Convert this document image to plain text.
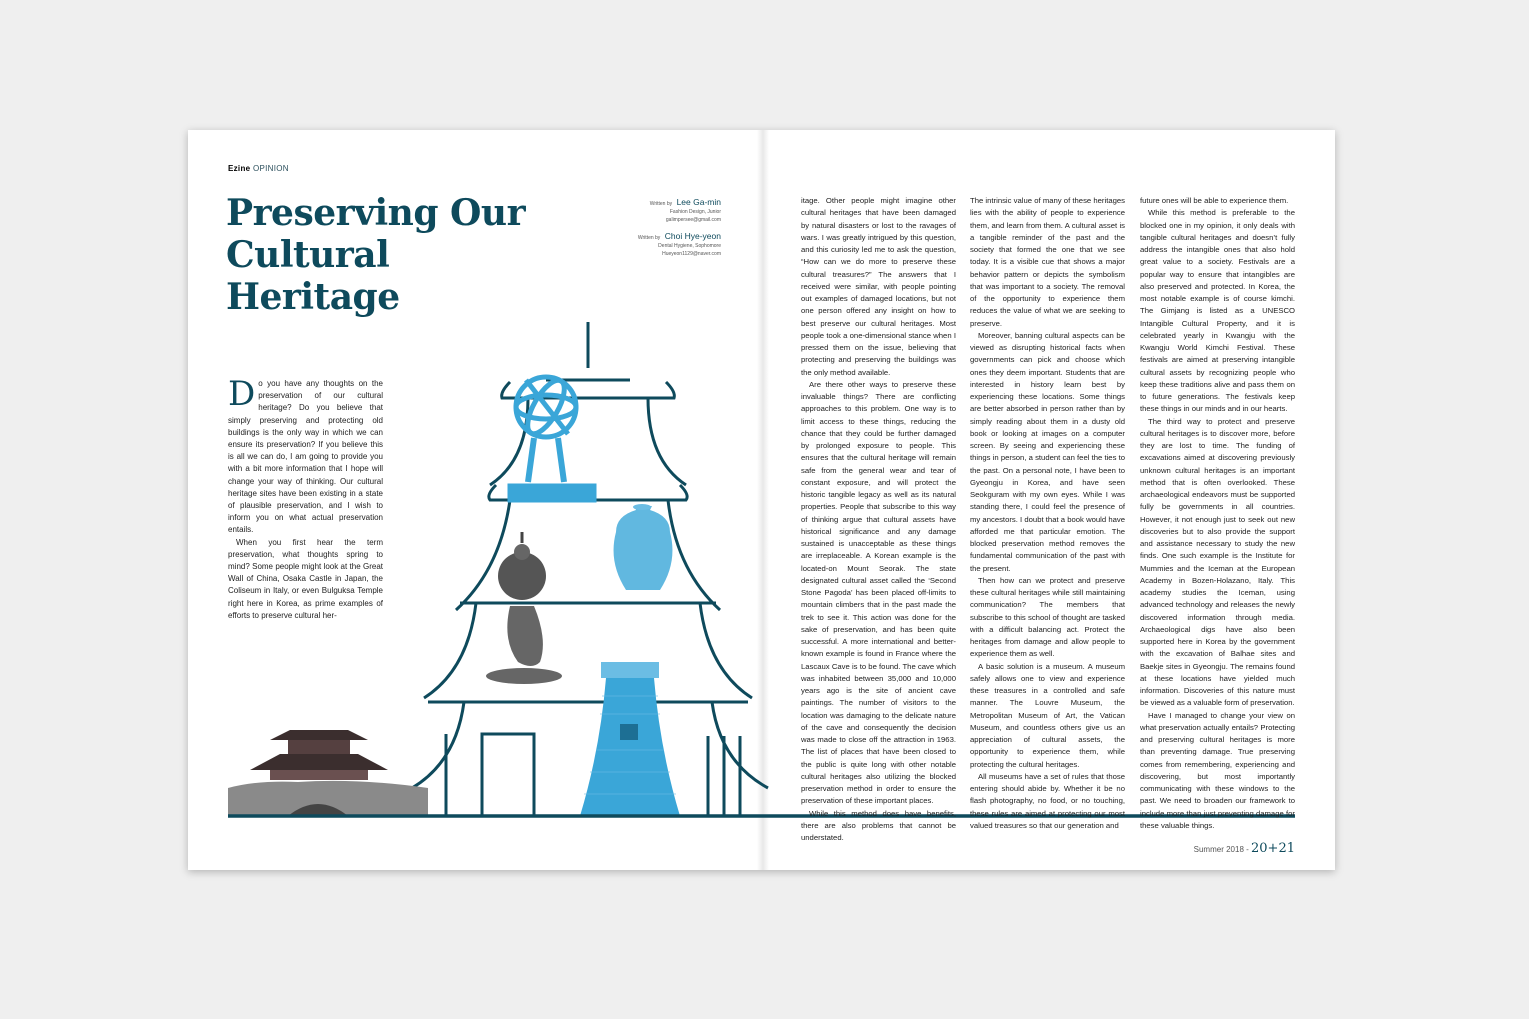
Ezine OPINION
Preserving Our
Cultural Heritage
Written by Lee Ga-min
Fashion Design, Junior
galimpersee@gmail.com
Written by Choi Hye-yeon
Dental Hygiene, Sophomore
Hueyeon1129@naver.com

Do you have any thoughts on the preservation of our cultural heritage? Do you believe that simply preserving and protecting old buildings is the only way in which we can ensure its preservation? If you believe this is all we can do, I am going to provide you with a bit more information that I hope will change your way of thinking. Our cultural heritage sites have been existing in a state of plausible preservation, and I wish to inform you on what actual preservation entails.

When you first hear the term preservation, what thoughts spring to mind? Some people might look at the Great Wall of China, Osaka Castle in Japan, the Coliseum in Italy, or even Bulguksa Temple right here in Korea, as prime examples of efforts to preserve cultural her-

itage. Other people might imagine other cultural heritages that have been damaged by natural disasters or lost to the ravages of wars. I was greatly intrigued by this question, and this curiosity led me to ask the question, “How can we do more to preserve these cultural treasures?” The answers that I received were similar, with people pointing out examples of damaged locations, but not one person offered any insight on how to best preserve our cultural heritages. Most people took a one-dimensional stance when I pressed them on the issue, believing that protecting and preserving the buildings was the only method available.

Are there other ways to preserve these invaluable things? There are conflicting approaches to this problem. One way is to limit access to these things, reducing the chance that they could be further damaged by prolonged exposure to people. This ensures that the cultural heritage will remain safe from the general wear and tear of constant exposure, and will protect the historic tangible legacy as well as its natural properties. People that subscribe to this way of thinking argue that cultural assets have historical significance and any damage sustained is unacceptable as these things are irreplaceable. A Korean example is the located-on Mount Seorak. The state designated cultural asset called the ‘Second Stone Pagoda’ has been placed off-limits to mountain climbers that in the past made the trek to see it. This action was done for the sake of preservation, and has been quite successful. A more international and better-known example is found in France where the Lascaux Cave is to be found. The cave which was inhabited between 35,000 and 10,000 years ago is the site of ancient cave paintings. The number of visitors to the location was damaging to the delicate nature of the cave and consequently the decision was made to close off the attraction in 1963. The list of places that have been closed to the public is quite long with other notable cultural heritages also utilizing the blocked preservation method in order to ensure the preservation of these important places.

While this method does have benefits, there are also problems that cannot be understated.

The intrinsic value of many of these heritages lies with the ability of people to experience them, and learn from them. A cultural asset is a tangible reminder of the past and the society that formed the one that we see today. It is a visible cue that shows a major behavior pattern or depicts the symbolism that was important to a society. The removal of the opportunity to experience them reduces the value of what we are seeking to preserve.

Moreover, banning cultural aspects can be viewed as disrupting historical facts when governments can pick and choose which ones they deem important. Students that are interested in history learn best by experiencing these locations. Some things are better absorbed in person rather than by simply reading about them in a dusty old book or looking at images on a computer screen. By seeing and experiencing these things in person, a student can feel the ties to the past. On a personal note, I have been to Gyeongju in Korea, and have seen Seokguram with my own eyes. While I was standing there, I could feel the presence of my ancestors. I doubt that a book would have afforded me that particular emotion. The blocked preservation method removes the fundamental communication of the past with the present.

Then how can we protect and preserve these cultural heritages while still maintaining communication? The members that subscribe to this school of thought are tasked with a difficult balancing act. Protect the heritages from damage and allow people to experience them as well.

A basic solution is a museum. A museum safely allows one to view and experience these treasures in a controlled and safe manner. The Louvre Museum, the Metropolitan Museum of Art, the Vatican Museum, and countless others give us an appreciation of cultural assets, the opportunity to experience them, while protecting the cultural heritages.

All museums have a set of rules that those entering should abide by. Whether it be no flash photography, no food, or no touching, these rules are aimed at protecting our most valued treasures so that our generation and

future ones will be able to experience them.

While this method is preferable to the blocked one in my opinion, it only deals with tangible cultural heritages and doesn’t fully address the intangible ones that also hold great value to a society. Festivals are a popular way to ensure that intangibles are also preserved and protected. In Korea, the most notable example is of course kimchi. The Gimjang is listed as a UNESCO Intangible Cultural Property, and it is celebrated yearly in Kwangju with the Kwangju World Kimchi Festival. These festivals are aimed at preserving intangible cultural assets by recognizing people who keep these traditions alive and pass them on to future generations. The festivals keep these things in our minds and in our hearts.

The third way to protect and preserve cultural heritages is to discover more, before they are lost to time. The funding of excavations aimed at discovering previously unknown cultural heritages is an important method that is often overlooked. These archaeological endeavors must be supported fully be governments in all countries. However, it not enough just to seek out new discoveries but to also provide the support and assistance necessary to study the new finds. One such example is the Institute for Mummies and the Iceman at the European Academy in Bozen-Holazano, Italy. This academy studies the Iceman, using advanced technology and releases the newly discovered information through media. Archaeological digs have also been supported here in Korea by the government with the excavation of Balhae sites and Baekje sites in Gyeongju. The remains found at these locations have yielded much information. Discoveries of this nature must be viewed as a valuable form of preservation.

Have I managed to change your view on what preservation actually entails? Protecting and preserving cultural heritages is more than preventing damage. True preserving comes from remembering, experiencing and discovering, but most importantly communicating with these windows to the past. We need to broaden our framework to include more than just preventing damage for these valuable things.

Summer 2018 - 20+21
